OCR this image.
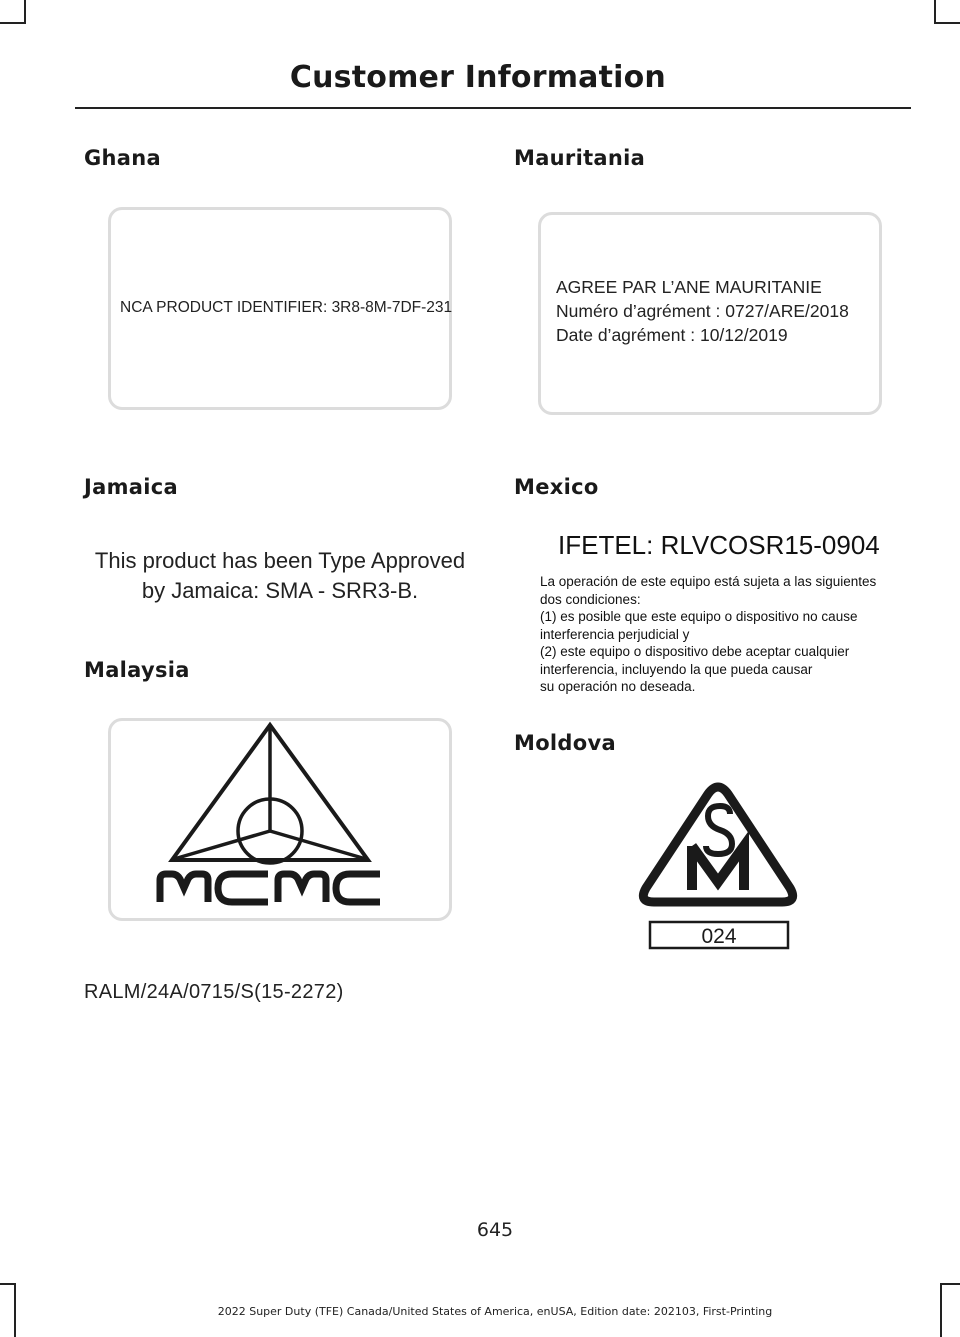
Customer Information
Ghana
NCA PRODUCT IDENTIFIER: 3R8-8M-7DF-231
Mauritania
AGREE PAR L’ANE MAURITANIE
Numéro d’agrément : 0727/ARE/2018
Date d’agrément : 10/12/2019
Jamaica
This product has been Type Approved
by Jamaica: SMA - SRR3-B.
Mexico
IFETEL: RLVCOSR15-0904
La operación de este equipo está sujeta a las siguientes
dos condiciones:
(1) es posible que este equipo o dispositivo no cause
interferencia perjudicial y
(2) este equipo o dispositivo debe aceptar cualquier
interferencia, incluyendo la que pueda causar
su operación no deseada.
Malaysia
RALM/24A/0715/S(15-2272)
Moldova
024
645
2022 Super Duty (TFE) Canada/United States of America, enUSA, Edition date: 202103, First-Printing
